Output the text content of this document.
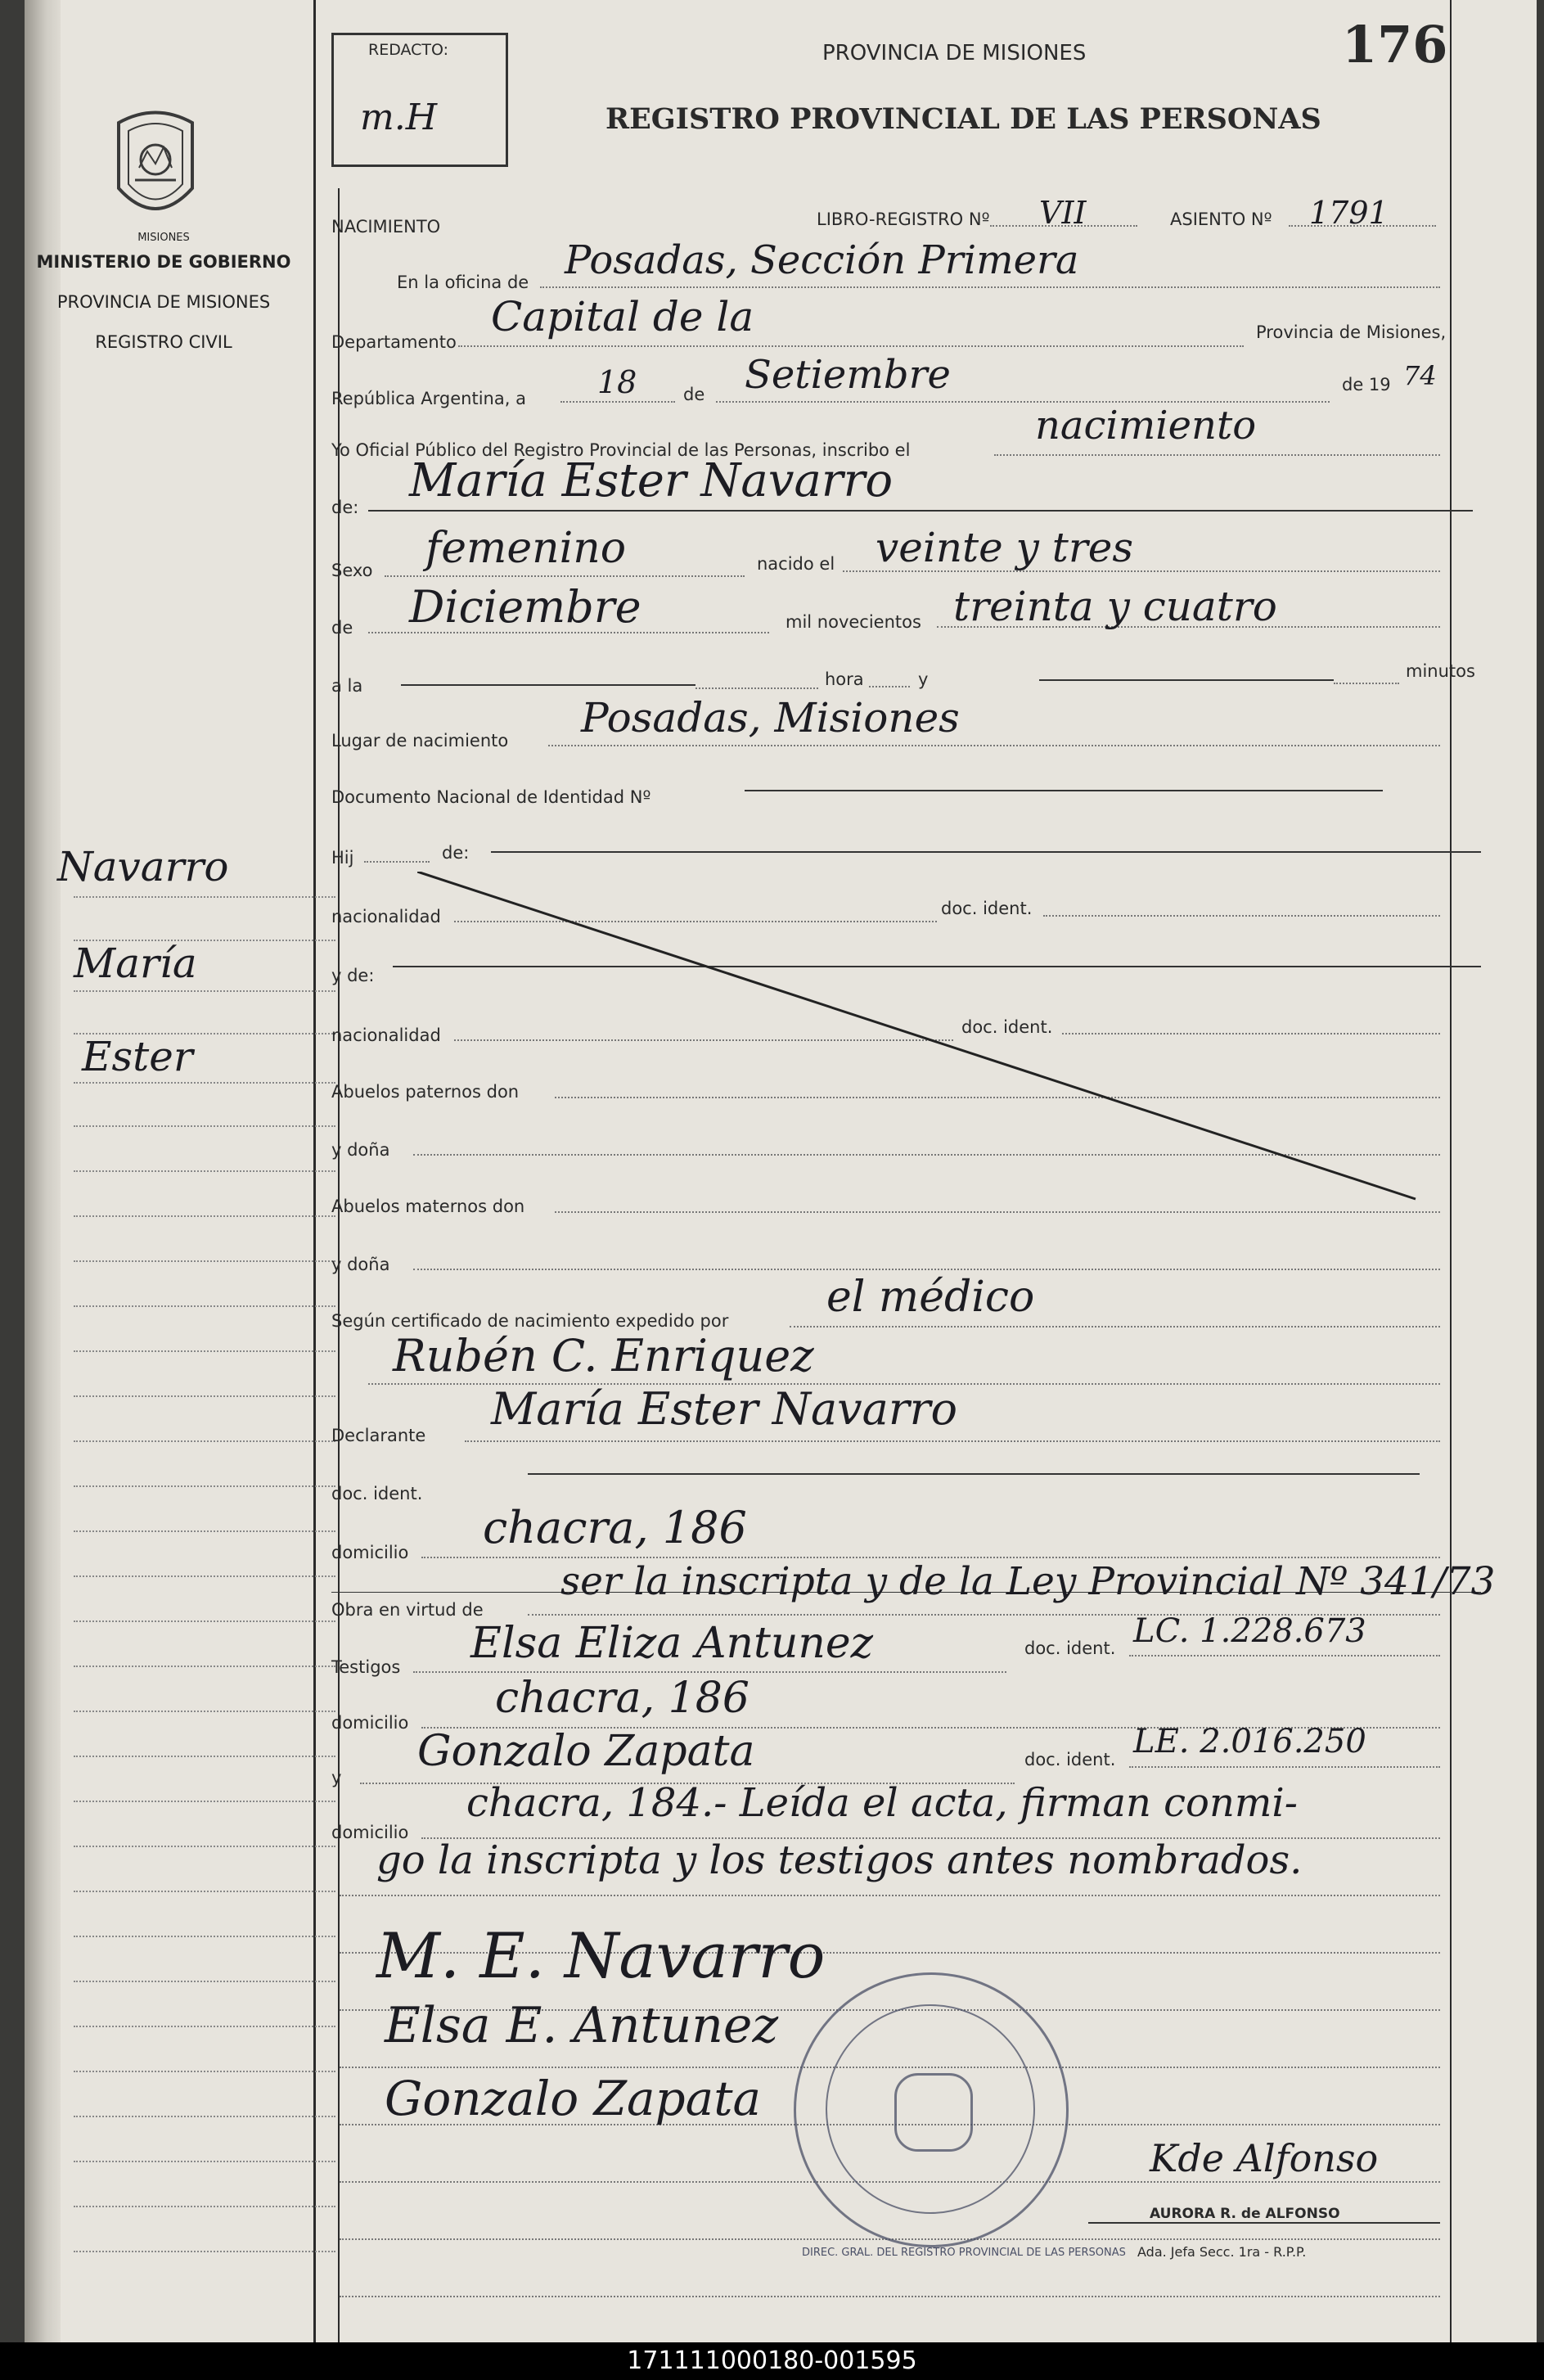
MISIONES
MINISTERIO DE GOBIERNO
PROVINCIA DE MISIONES
REGISTRO CIVIL
Navarro
María
Ester
REDACTO:
m.H
PROVINCIA DE MISIONES
REGISTRO PROVINCIAL DE LAS PERSONAS
176
NACIMIENTO	LIBRO-REGISTRO Nº VII	ASIENTO Nº 1791
En la oficina de Posadas, Sección Primera
Departamento
Capital de la	Provincia de Misiones,
República Argentina, a 18	de Setiembre	de 19 74
Yo Oficial Público del Registro Provincial de las Personas, inscribo el
nacimiento
de: María Ester Navarro
Sexo femenino	nacido el veinte y tres
de Diciembre	mil novecientos treinta y cuatro
a la	hora	y	minutos
Lugar de nacimiento Posadas, Misiones
Documento Nacional de Identidad Nº
Hij	de:
nacionalidad	doc. ident.
y de:
nacionalidad	doc. ident.
Abuelos paternos don
y doña
Abuelos maternos don
y doña
Según certificado de nacimiento expedido por el médico
Rubén C. Enriquez
Declarante
María Ester Navarro
doc. ident.
domicilio chacra, 186
Obra en virtud de
ser la inscripta y de la Ley Provincial Nº 341/73
Testigos Elsa Eliza Antunez	doc. ident. LC. 1.228.673
domicilio chacra, 186
y
Gonzalo Zapata	doc. ident. LE. 2.016.250
domicilio
chacra, 184.- Leída el acta, firman conmi-
go la inscripta y los testigos antes nombrados.
M. E. Navarro
Elsa E. Antunez
Gonzalo Zapata
DIREC. GRAL. DEL REGISTRO PROVINCIAL DE LAS PERSONAS
Kde Alfonso
AURORA R. de ALFONSO
Ada. Jefa Secc. 1ra - R.P.P.
171111000180-001595
